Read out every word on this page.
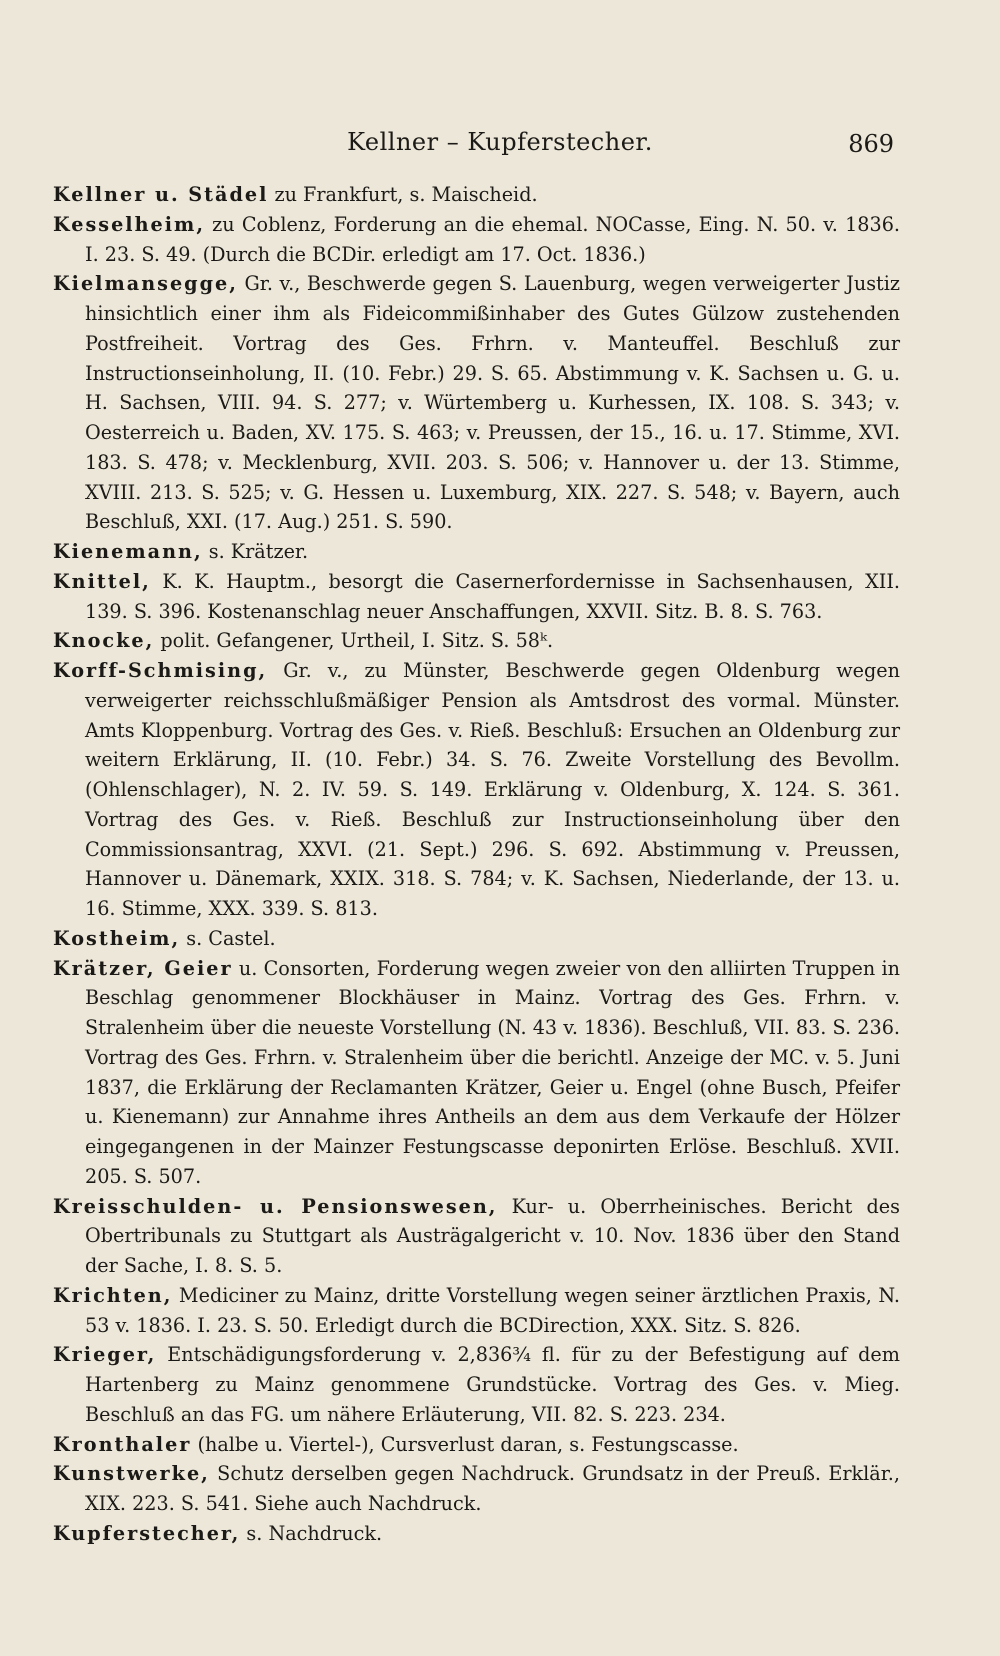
Kellner – Kupferstecher.	869

Kellner u. Städel zu Frankfurt, s. Maischeid.

Kesselheim, zu Coblenz, Forderung an die ehemal. NOCasse, Eing. N. 50. v. 1836. I. 23. S. 49. (Durch die BCDir. erledigt am 17. Oct. 1836.)

Kielmansegge, Gr. v., Beschwerde gegen S. Lauenburg, wegen verweigerter Justiz hinsichtlich einer ihm als Fideicommißinhaber des Gutes Gülzow zustehenden Postfreiheit. Vortrag des Ges. Frhrn. v. Manteuffel. Beschluß zur Instructionseinholung, II. (10. Febr.) 29. S. 65. Abstimmung v. K. Sachsen u. G. u. H. Sachsen, VIII. 94. S. 277; v. Würtemberg u. Kurhessen, IX. 108. S. 343; v. Oesterreich u. Baden, XV. 175. S. 463; v. Preussen, der 15., 16. u. 17. Stimme, XVI. 183. S. 478; v. Mecklenburg, XVII. 203. S. 506; v. Hannover u. der 13. Stimme, XVIII. 213. S. 525; v. G. Hessen u. Luxemburg, XIX. 227. S. 548; v. Bayern, auch Beschluß, XXI. (17. Aug.) 251. S. 590.

Kienemann, s. Krätzer.

Knittel, K. K. Hauptm., besorgt die Casernerfordernisse in Sachsenhausen, XII. 139. S. 396. Kostenanschlag neuer Anschaffungen, XXVII. Sitz. B. 8. S. 763.

Knocke, polit. Gefangener, Urtheil, I. Sitz. S. 58ᵏ.

Korff-Schmising, Gr. v., zu Münster, Beschwerde gegen Oldenburg wegen verweigerter reichsschlußmäßiger Pension als Amtsdrost des vormal. Münster. Amts Kloppenburg. Vortrag des Ges. v. Rieß. Beschluß: Ersuchen an Oldenburg zur weitern Erklärung, II. (10. Febr.) 34. S. 76. Zweite Vorstellung des Bevollm. (Ohlenschlager), N. 2. IV. 59. S. 149. Erklärung v. Oldenburg, X. 124. S. 361. Vortrag des Ges. v. Rieß. Beschluß zur Instructionseinholung über den Commissionsantrag, XXVI. (21. Sept.) 296. S. 692. Abstimmung v. Preussen, Hannover u. Dänemark, XXIX. 318. S. 784; v. K. Sachsen, Niederlande, der 13. u. 16. Stimme, XXX. 339. S. 813.

Kostheim, s. Castel.

Krätzer, Geier u. Consorten, Forderung wegen zweier von den alliirten Truppen in Beschlag genommener Blockhäuser in Mainz. Vortrag des Ges. Frhrn. v. Stralenheim über die neueste Vorstellung (N. 43 v. 1836). Beschluß, VII. 83. S. 236. Vortrag des Ges. Frhrn. v. Stralenheim über die berichtl. Anzeige der MC. v. 5. Juni 1837, die Erklärung der Reclamanten Krätzer, Geier u. Engel (ohne Busch, Pfeifer u. Kienemann) zur Annahme ihres Antheils an dem aus dem Verkaufe der Hölzer eingegangenen in der Mainzer Festungscasse deponirten Erlöse. Beschluß. XVII. 205. S. 507.

Kreisschulden- u. Pensionswesen, Kur- u. Oberrheinisches. Bericht des Obertribunals zu Stuttgart als Austrägalgericht v. 10. Nov. 1836 über den Stand der Sache, I. 8. S. 5.

Krichten, Mediciner zu Mainz, dritte Vorstellung wegen seiner ärztlichen Praxis, N. 53 v. 1836. I. 23. S. 50. Erledigt durch die BCDirection, XXX. Sitz. S. 826.

Krieger, Entschädigungsforderung v. 2,836³⁄₄ fl. für zu der Befestigung auf dem Hartenberg zu Mainz genommene Grundstücke. Vortrag des Ges. v. Mieg. Beschluß an das FG. um nähere Erläuterung, VII. 82. S. 223. 234.

Kronthaler (halbe u. Viertel-), Cursverlust daran, s. Festungscasse.

Kunstwerke, Schutz derselben gegen Nachdruck. Grundsatz in der Preuß. Erklär., XIX. 223. S. 541. Siehe auch Nachdruck.

Kupferstecher, s. Nachdruck.
